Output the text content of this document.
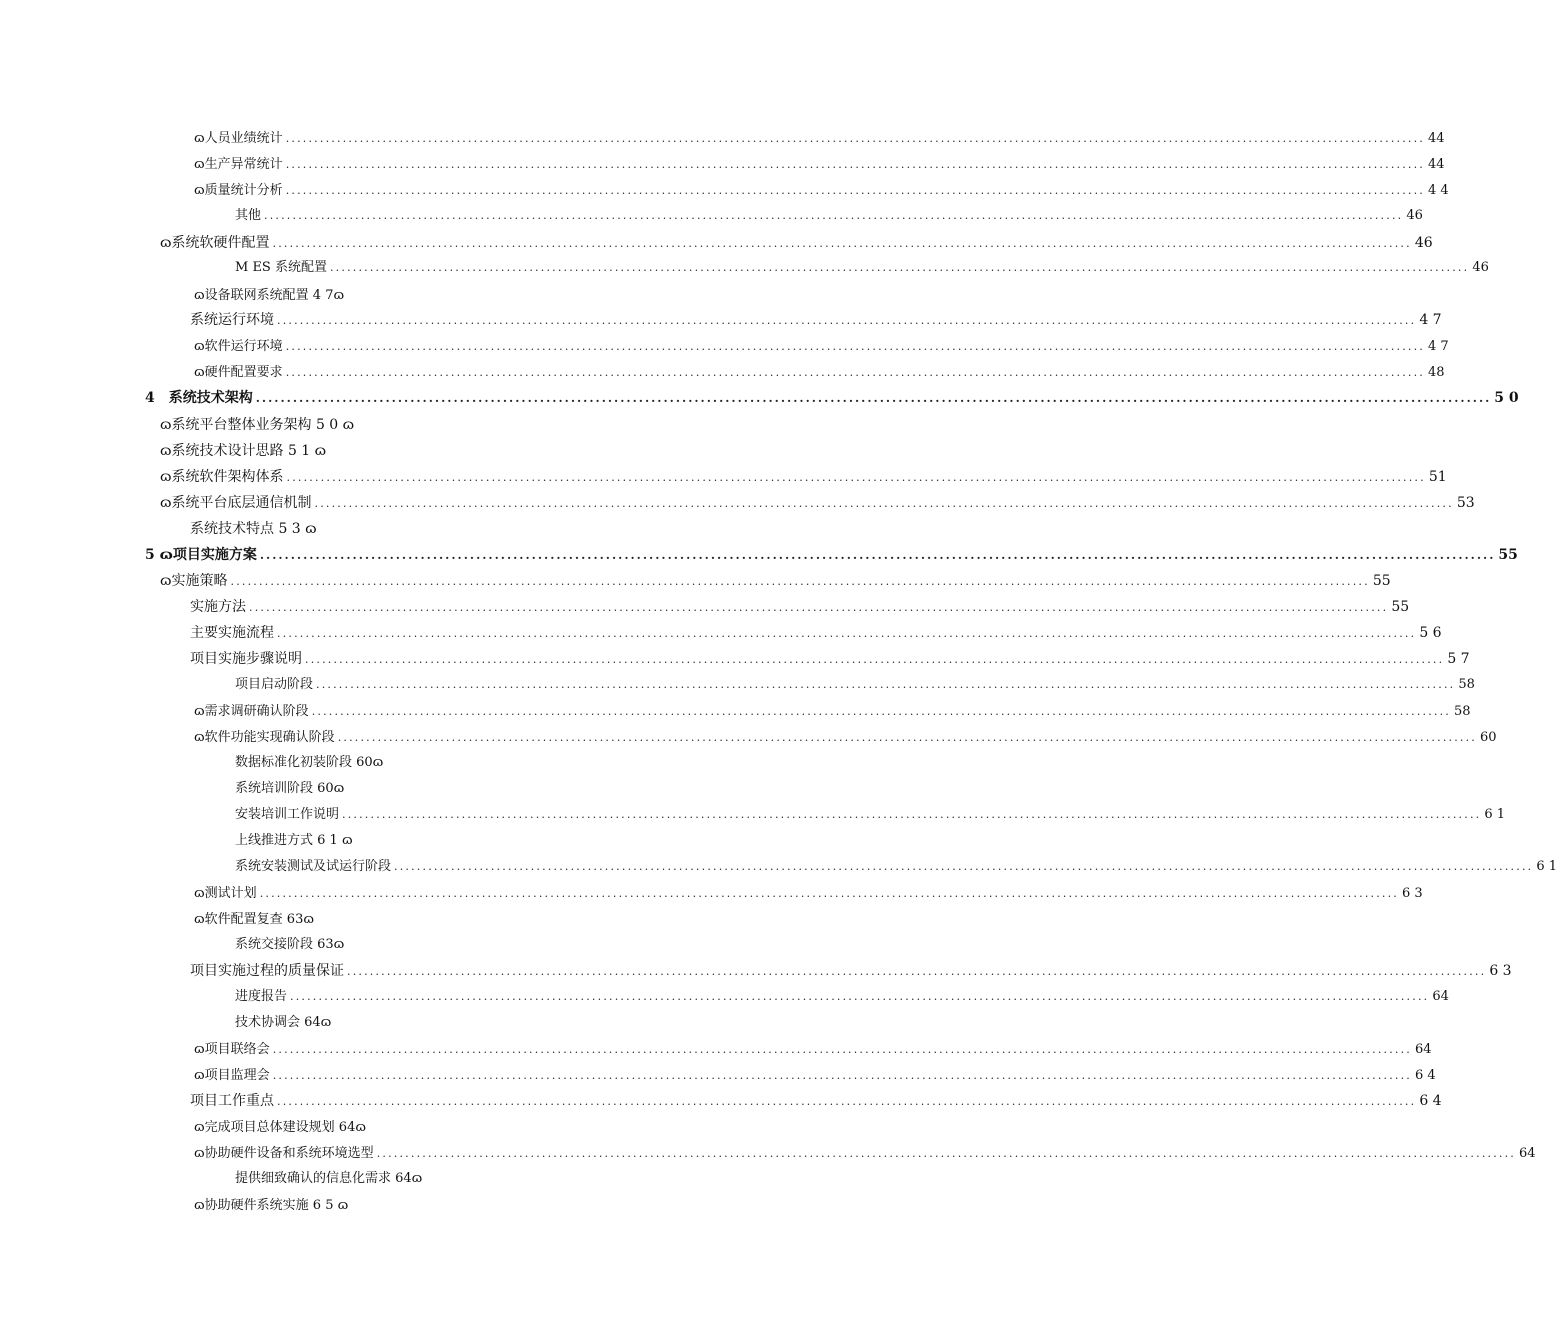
ɷ人员业绩统计 ........................................................................................................................................................................................................ 44
ɷ生产异常统计 ........................................................................................................................................................................................................ 44
ɷ质量统计分析 ........................................................................................................................................................................................................ 4 4
其他 ........................................................................................................................................................................................................ 46
ɷ系统软硬件配置 ........................................................................................................................................................................................................ 46
M ES 系统配置 ........................................................................................................................................................................................................ 46
ɷ设备联网系统配置 4 7ɷ
系统运行环境 ........................................................................................................................................................................................................ 4 7
ɷ软件运行环境 ........................................................................................................................................................................................................ 4 7
ɷ硬件配置要求 ........................................................................................................................................................................................................ 48
4　系统技术架构 ........................................................................................................................................................................................................ 5 0
ɷ系统平台整体业务架构 5 0 ɷ
ɷ系统技术设计思路 5 1 ɷ
ɷ系统软件架构体系 ........................................................................................................................................................................................................ 51
ɷ系统平台底层通信机制 ........................................................................................................................................................................................................ 53
系统技术特点 5 3 ɷ
5 ɷ项目实施方案 ........................................................................................................................................................................................................ 55
ɷ实施策略 ........................................................................................................................................................................................................ 55
实施方法 ........................................................................................................................................................................................................ 55
主要实施流程 ........................................................................................................................................................................................................ 5 6
项目实施步骤说明 ........................................................................................................................................................................................................ 5 7
项目启动阶段 ........................................................................................................................................................................................................ 58
ɷ需求调研确认阶段 ........................................................................................................................................................................................................ 58
ɷ软件功能实现确认阶段 ........................................................................................................................................................................................................ 60
数据标准化初装阶段 60ɷ
系统培训阶段 60ɷ
安装培训工作说明 ........................................................................................................................................................................................................ 6 1
上线推进方式 6 1 ɷ
系统安装测试及试运行阶段 ........................................................................................................................................................................................................ 6 1
ɷ测试计划 ........................................................................................................................................................................................................ 6 3
ɷ软件配置复查 63ɷ
系统交接阶段 63ɷ
项目实施过程的质量保证 ........................................................................................................................................................................................................ 6 3
进度报告 ........................................................................................................................................................................................................ 64
技术协调会 64ɷ
ɷ项目联络会 ........................................................................................................................................................................................................ 64
ɷ项目监理会 ........................................................................................................................................................................................................ 6 4
项目工作重点 ........................................................................................................................................................................................................ 6 4
ɷ完成项目总体建设规划 64ɷ
ɷ协助硬件设备和系统环境选型 ........................................................................................................................................................................................................ 64
提供细致确认的信息化需求 64ɷ
ɷ协助硬件系统实施 6 5 ɷ
